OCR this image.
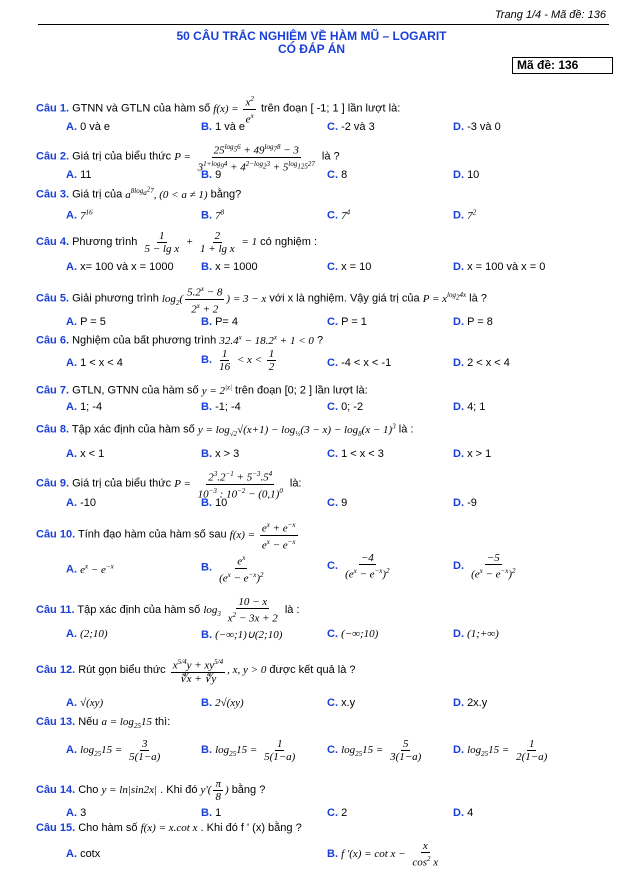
Trang 1/4 - Mã đề: 136
50 CÂU TRẮC NGHIỆM VỀ HÀM MŨ – LOGARIT
CÓ ĐÁP ÁN
Mã đề: 136
Câu 1. GTNN và GTLN của hàm số $f(x) = \frac{x^2}{e^x}$ trên đoạn [ -1; 1 ] lần lượt là:
A. 0 và e	B. 1 và e	C. -2 và 3	D. -3 và 0
Câu 2. Giá trị của biểu thức $P = \frac{25^{log_56} + 49^{log_78} - 3}{3^{1+log_94} + 4^{2-log_23} + 5^{log_{125}27}}$ là ?
A. 11	B. 9	C. 8	D. 10
Câu 3. Giá trị của $a^{8log_{a^2}7}$, (0 < a ≠ 1) bằng?
A. $7^{16}$	B. $7^8$	C. $7^4$	D. $7^2$
Câu 4. Phương trình $\frac{1}{\text{5 − lg x}} + \frac{2}{\text{1 + lg x}} = 1$ có nghiệm :
A. x= 100 và x = 1000 B. x = 1000	C. x = 10	D. x = 100 và x = 0
Câu 5. Giải phương trình $\log_2( \frac{5.2^x - 8}{2^x + 2}$ ) = 3 − x với x là nghiệm. Vậy giá trị của $P = x^{log_24x}$ là ?
A. P = 5	B. P= 4	C. P = 1	D. P = 8
Câu 6. Nghiệm của bất phương trình $32.4^x - 18.2^x + 1 < 0$ ?
A. 1 < x < 4	B. $\frac{1}{16} < x < \frac{1}{2}$	C. -4 < x < -1	D. 2 < x < 4
Câu 7. GTLN, GTNN của hàm số $y = 2^{|x|}$ trên đoạn [0; 2 ] lần lượt là:
A. 1; -4	B. -1; -4	C. 0; -2	D. 4; 1
Câu 8. Tập xác định của hàm số $y = \log_{√2}√(x+1) - \log_{\frac{1}{2}}(3 - x) - \log_8(x - 1)^3$ là :
A. x < 1	B. x > 3	C. 1 < x < 3	D. x > 1
Câu 9. Giá trị của biểu thức $P = \frac{2^3.2^{-1} + 5^{-3}.5^4}{10^{-3} : 10^{-2} - (0,1)^0}$ là:
A. -10	B. 10	C. 9	D. -9
Câu 10. Tính đạo hàm của hàm số sau $f(x) = \frac{e^x + e^{-x}}{e^x - e^{-x}}$
A. $e^x - e^{-x}$	B. $\frac{e^x}{(e^x - e^{-x})^2}$	C. $\frac{-4}{(e^x - e^{-x})^2}$	D. $\frac{-5}{(e^x - e^{-x})^2}$
Câu 11. Tập xác định của hàm số $\log_3 \frac{10 - x}{x^2 - 3x + 2}$ là :
A. (2;10)	B. (−∞;1)∪(2;10)	C. (−∞;10)	D. (1;+∞)
Câu 12. Rút gọn biểu thức $\frac{x^{5/4}y + xy^{5/4}}{∜x + ∜y}$ , x, y > 0 được kết quả là ?
A. √(xy)	B. 2√(xy)	C. x.y	D. 2x.y
Câu 13. Nếu $a = \log_{25}15$ thì:
A. $\log_{25}15 = \frac{3}{5(1-a)}$	B. $\log_{25}15 = \frac{1}{5(1-a)}$	C. $\log_{25}15 = \frac{5}{3(1-a)}$	D. $\log_{25}15 = \frac{1}{2(1-a)}$
Câu 14. Cho y = ln|sin2x| . Khi đó $y'( \frac{\pi}{8}$ ) bằng ?
A. 3	B. 1	C. 2	D. 4
Câu 15. Cho hàm số f(x) = x.cot x . Khi đó f ' (x) bằng ?
A. cotx	B. f '$(x) = \cot x - \frac{x}{\cos^2 x}$
